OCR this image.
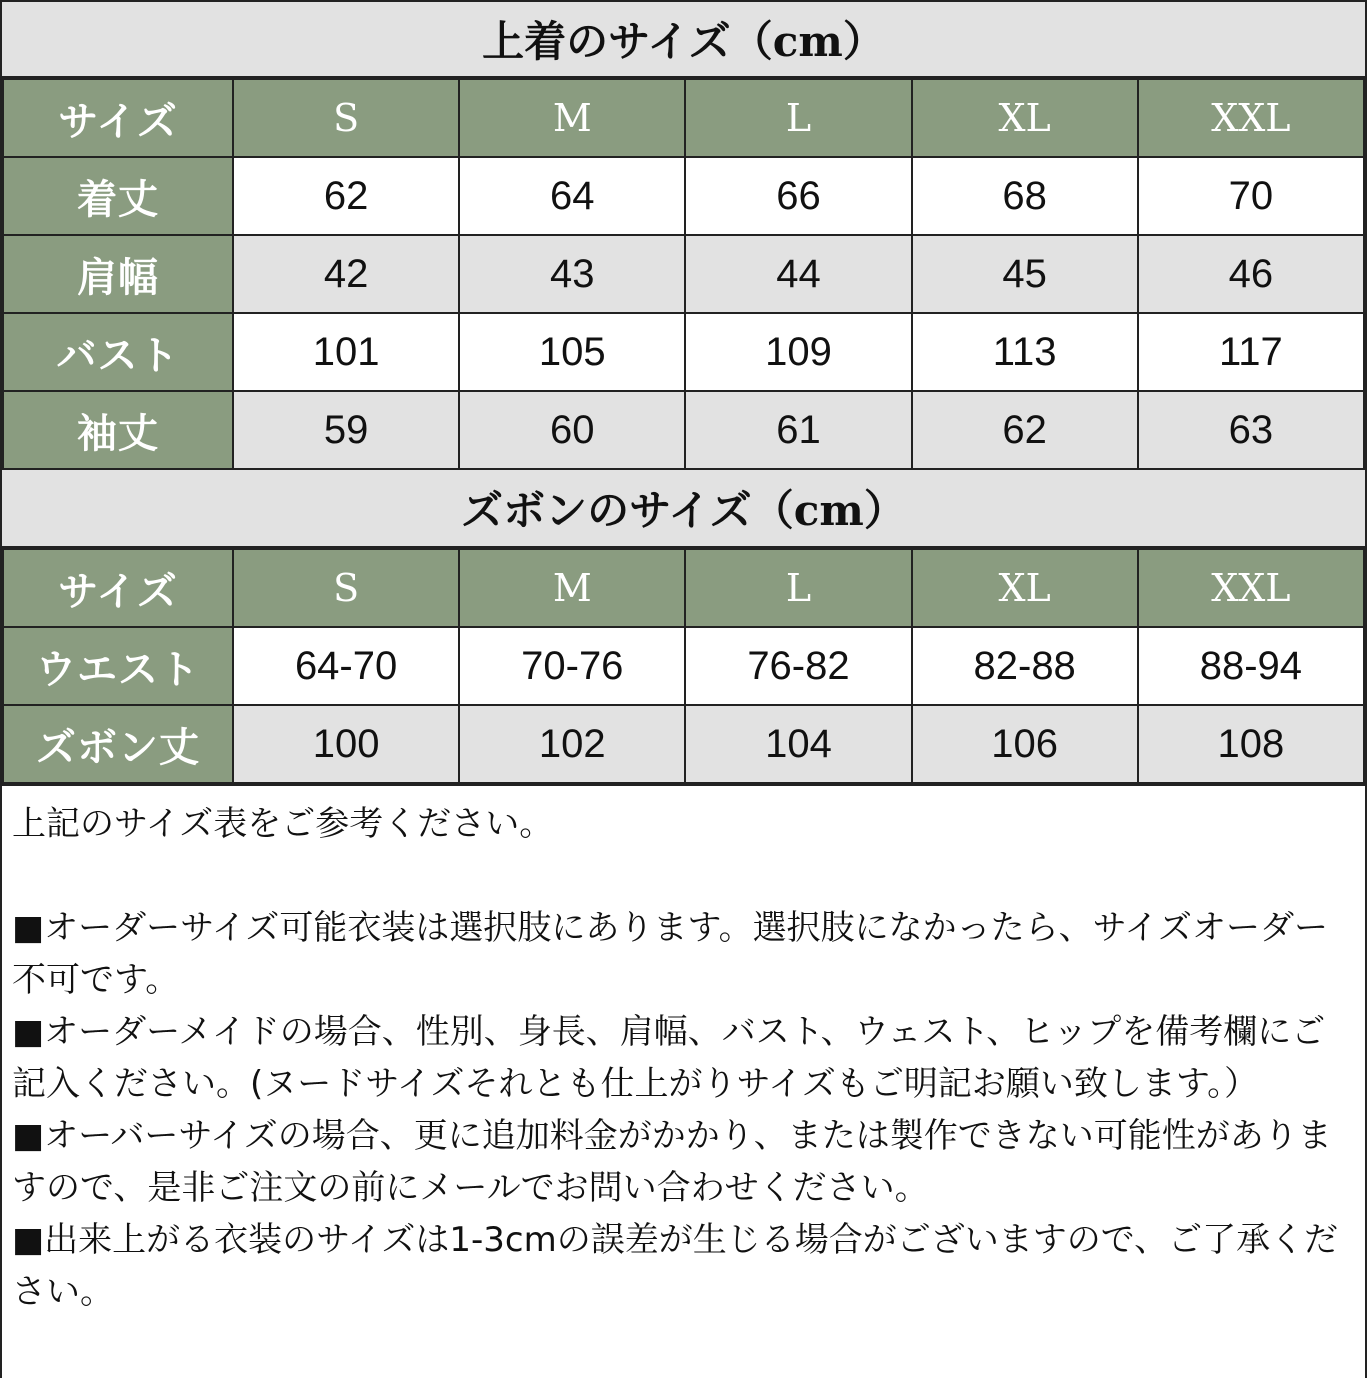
上着のサイズ（cm）
サイズ	S	M	L	XL	XXL
着丈	62	64	66	68	70
肩幅	42	43	44	45	46
バスト	101	105	109	113	117
袖丈	59	60	61	62	63
ズボンのサイズ（cm）
サイズ	S	M	L	XL	XXL
ウエスト	64-70	70-76	76-82	82-88	88-94
ズボン丈	100	102	104	106	108

上記のサイズ表をご参考ください。

■オーダーサイズ可能衣装は選択肢にあります。選択肢になかったら、サイズオーダー不可です。

■オーダーメイドの場合、性別、身長、肩幅、バスト、ウェスト、ヒップを備考欄にご記入ください。(ヌードサイズそれとも仕上がりサイズもご明記お願い致します。）

■オーバーサイズの場合、更に追加料金がかかり、または製作できない可能性がありますので、是非ご注文の前にメールでお問い合わせください。

■出来上がる衣装のサイズは1-3cmの誤差が生じる場合がございますので、ご了承ください。
